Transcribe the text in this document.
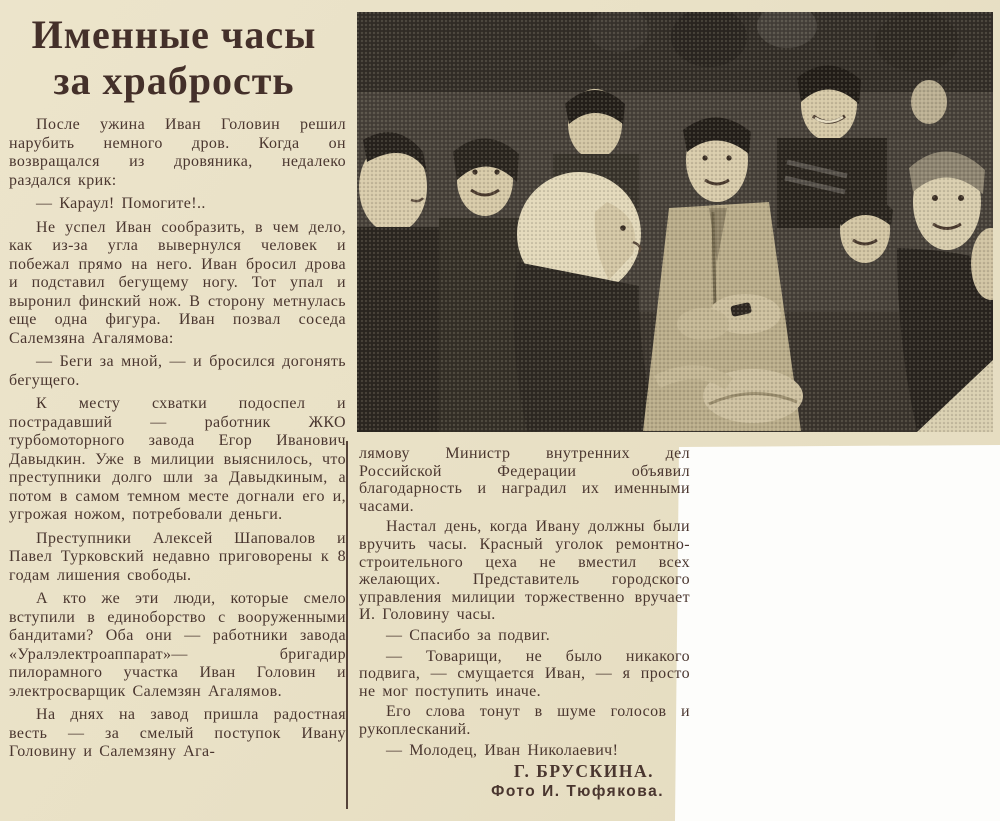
Именные часы
за храбрость

После ужина Иван Головин решил нарубить немного дров. Когда он возвращался из дровяника, недалеко раздался крик:

— Караул! Помогите!..

Не успел Иван сообразить, в чем дело, как из-за угла вывернулся человек и побежал прямо на него. Иван бросил дрова и подставил бегущему ногу. Тот упал и выронил финский нож. В сторону метнулась еще одна фигура. Иван позвал соседа Салемзяна Агалямова:

— Беги за мной, — и бросился догонять бегущего.

К месту схватки подоспел и пострадавший — работник ЖКО турбомоторного завода Егор Иванович Давыдкин. Уже в милиции выяснилось, что преступники долго шли за Давыдкиным, а потом в самом темном месте догнали его и, угрожая ножом, потребовали деньги.

Преступники Алексей Шаповалов и Павел Турковский недавно приговорены к 8 годам лишения свободы.

А кто же эти люди, которые смело вступили в единоборство с вооруженными бандитами? Оба они — работники завода «Уралэлектроаппарат»— бригадир пилорамного участка Иван Головин и электросварщик Салемзян Агалямов.

На днях на завод пришла радостная весть — за смелый поступок Ивану Головину и Салемзяну Ага-

лямову Министр внутренних дел Российской Федерации объявил благодарность и наградил их именными часами.

Настал день, когда Ивану должны были вручить часы. Красный уголок ремонтно-строительного цеха не вместил всех желающих. Представитель городского управления милиции торжественно вручает И. Головину часы.

— Спасибо за подвиг.

— Товарищи, не было никакого подвига, — смущается Иван, — я просто не мог поступить иначе.

Его слова тонут в шуме голосов и рукоплесканий.

— Молодец, Иван Николаевич!

Г. БРУСКИНА.

Фото И. Тюфякова.
